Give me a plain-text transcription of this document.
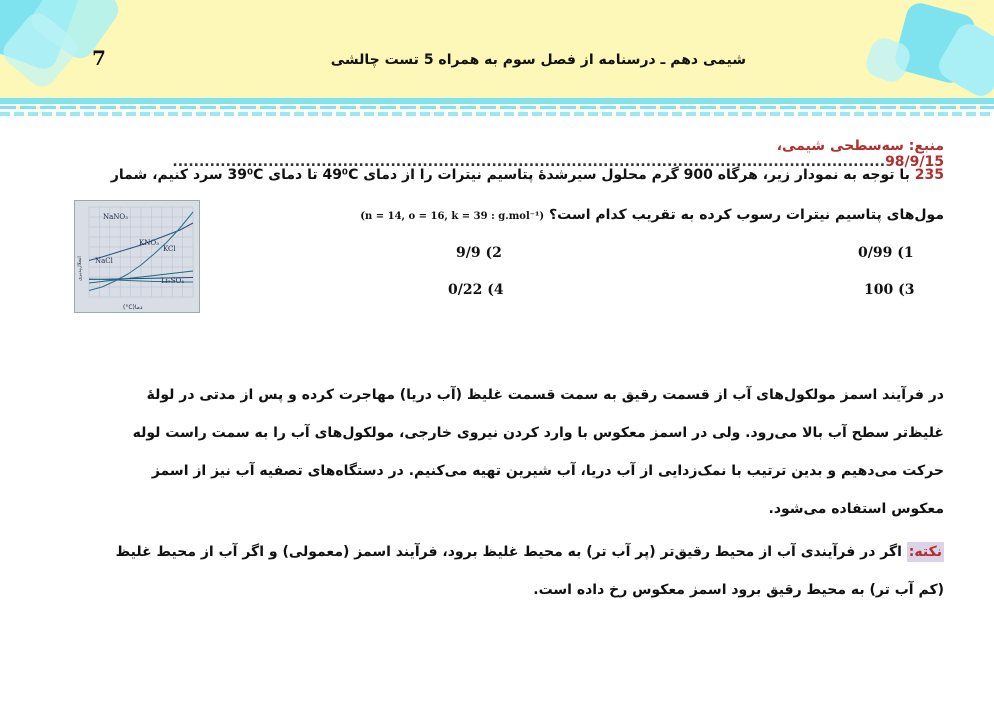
7	شیمی دهم ـ درسنامه از فصل سوم به همراه 5 تست چالشی
منبع: سه‌سطحی شیمی، 98/9/15......................................................................................................................................
235 با توجه به نمودار زیر، هرگاه 900 گرم محلول سیرشدهٔ پتاسیم نیترات را از دمای 49⁰C تا دمای 39⁰C سرد کنیم، شمار
مول‌های پتاسیم نیترات رسوب کرده به تقریب کدام است؟ (n = 14, o = 16, k = 39 : g.mol⁻¹)
NaNO₃
KNO₃
KCl
NaCl
Li₂SO₄
(°C)دما
انحلال‌پذیری
0/99 (1
9/9 (2
100 (3
0/22 (4
در فرآیند اسمز مولکول‌های آب از قسمت رقیق به سمت قسمت غلیظ (آب دریا) مهاجرت کرده و پس از مدتی در لولهٔ
غلیظ‌تر سطح آب بالا می‌رود. ولی در اسمز معکوس با وارد کردن نیروی خارجی، مولکول‌های آب را به سمت راست لوله
حرکت می‌دهیم و بدین ترتیب با نمک‌زدایی از آب دریا، آب شیرین تهیه می‌کنیم. در دستگاه‌های تصفیه آب نیز از اسمز
معکوس استفاده می‌شود.
نکته: اگر در فرآیندی آب از محیط رقیق‌تر (پر آب تر) به محیط غلیظ برود، فرآیند اسمز (معمولی) و اگر آب از محیط غلیظ
(کم آب تر) به محیط رقیق برود اسمز معکوس رخ داده است.
